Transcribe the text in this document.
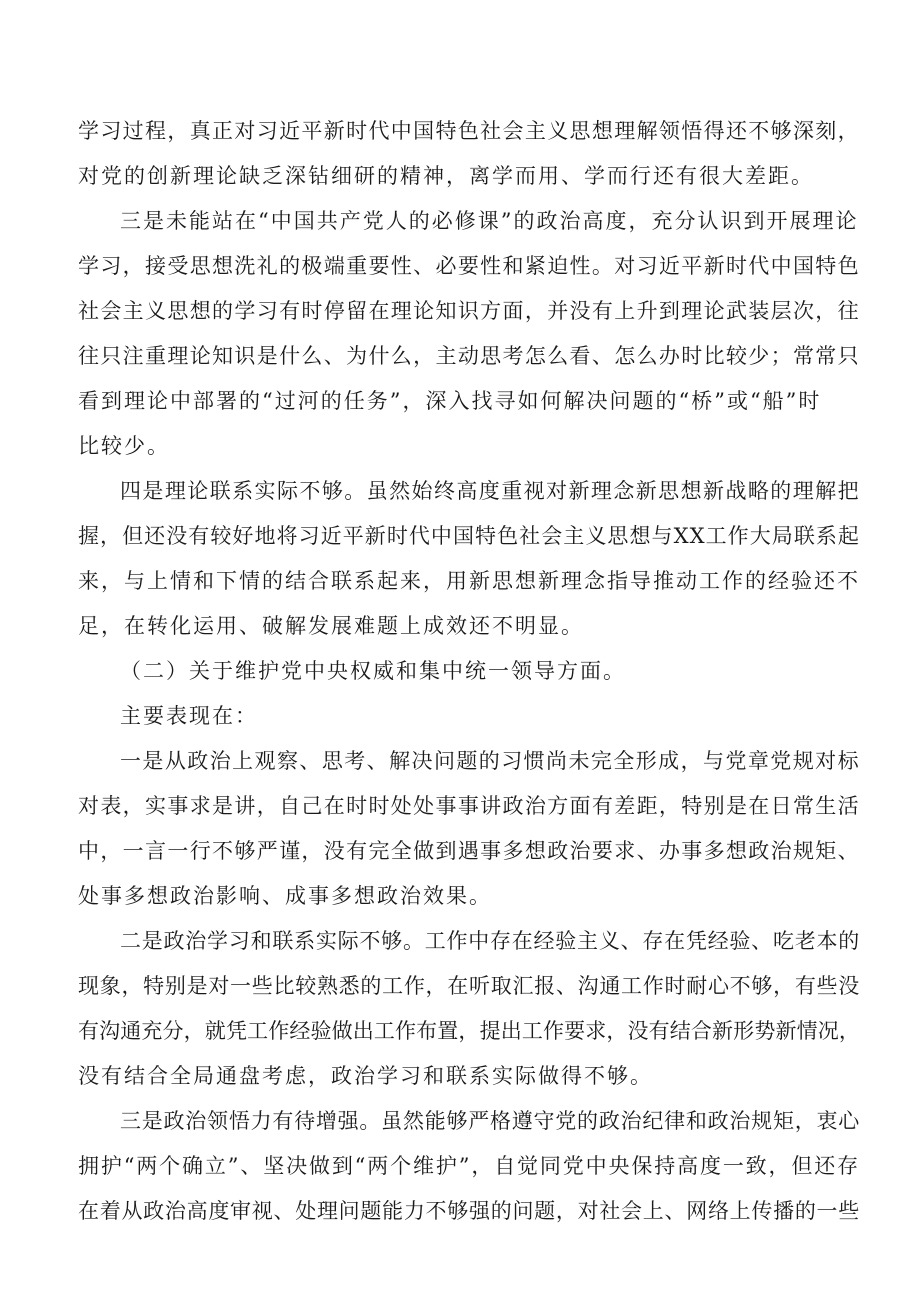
学习过程，真正对习近平新时代中国特色社会主义思想理解领悟得还不够深刻，
对党的创新理论缺乏深钻细研的精神，离学而用、学而行还有很大差距。
三是未能站在“中国共产党人的必修课”的政治高度，充分认识到开展理论
学习，接受思想洗礼的极端重要性、必要性和紧迫性。对习近平新时代中国特色
社会主义思想的学习有时停留在理论知识方面，并没有上升到理论武装层次，往
往只注重理论知识是什么、为什么，主动思考怎么看、怎么办时比较少；常常只
看到理论中部署的“过河的任务”，深入找寻如何解决问题的“桥”或“船”时
比较少。
四是理论联系实际不够。虽然始终高度重视对新理念新思想新战略的理解把
握，但还没有较好地将习近平新时代中国特色社会主义思想与XX工作大局联系起
来，与上情和下情的结合联系起来，用新思想新理念指导推动工作的经验还不
足，在转化运用、破解发展难题上成效还不明显。
（二）关于维护党中央权威和集中统一领导方面。
主要表现在：
一是从政治上观察、思考、解决问题的习惯尚未完全形成，与党章党规对标
对表，实事求是讲，自己在时时处处事事讲政治方面有差距，特别是在日常生活
中，一言一行不够严谨，没有完全做到遇事多想政治要求、办事多想政治规矩、
处事多想政治影响、成事多想政治效果。
二是政治学习和联系实际不够。工作中存在经验主义、存在凭经验、吃老本的
现象，特别是对一些比较熟悉的工作，在听取汇报、沟通工作时耐心不够，有些没
有沟通充分，就凭工作经验做出工作布置，提出工作要求，没有结合新形势新情况，
没有结合全局通盘考虑，政治学习和联系实际做得不够。
三是政治领悟力有待增强。虽然能够严格遵守党的政治纪律和政治规矩，衷心
拥护“两个确立”、坚决做到“两个维护”，自觉同党中央保持高度一致，但还存
在着从政治高度审视、处理问题能力不够强的问题，对社会上、网络上传播的一些
